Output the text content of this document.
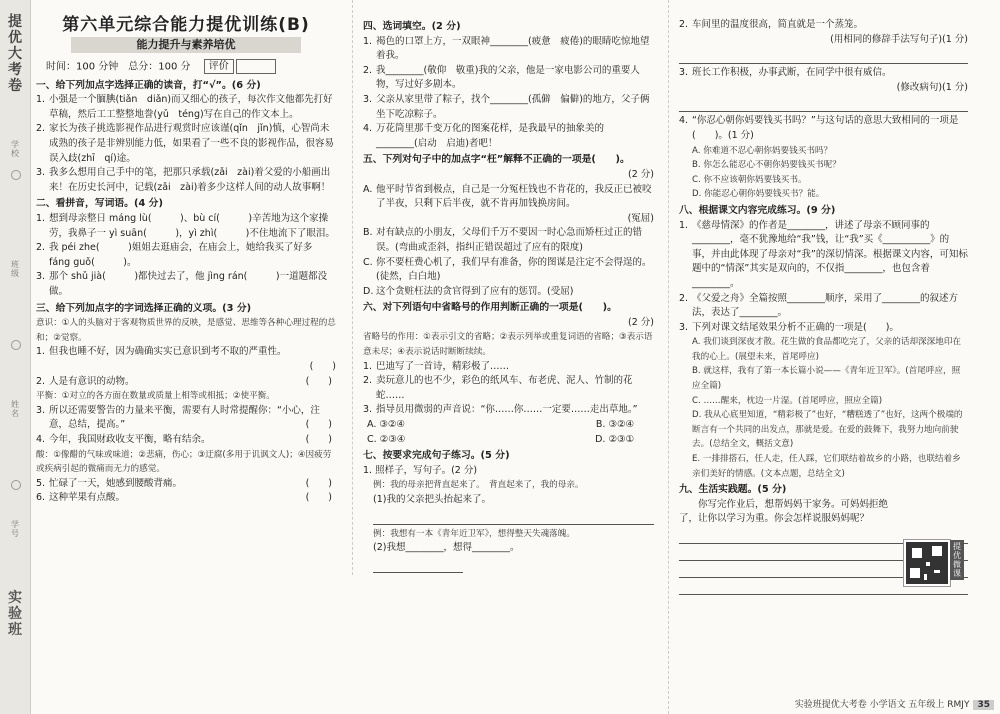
提优大考卷
学校
班级
姓名
学号
实验班
第六单元综合能力提优训练(B)
能力提升与素养培优
时间：100 分钟　总分：100 分 评价
一、给下列加点字选择正确的读音，打“√”。(6 分)
1. 小强是一个腼腆(tiǎn　diǎn)而又细心的孩子，每次作文他都先打好草稿，然后工工整整地誊(yǔ　téng)写在自己的作文本上。
2. 家长为孩子挑选影视作品进行观赏时应该谨(qǐn　jǐn)慎，心智尚未成熟的孩子是非辨别能力低，如果看了一些不良的影视作品，很容易误入歧(zhī　qí)途。
3. 我多么想用自己手中的笔，把那只承载(zǎi　zài)着父爱的小船画出来！在历史长河中，记载(zǎi　zài)着多少这样人间的动人故事啊！
二、看拼音，写词语。(4 分)
1. 想到母亲整日 máng lù(　　　)、bù cí(　　　)辛苦地为这个家操劳，我鼻子一 yì suān(　　　)，yì zhì(　　　)不住地流下了眼泪。
2. 我 péi zhe(　　　)姐姐去逛庙会，在庙会上，她给我买了好多 fáng guǒ(　　　)。
3. 那个 shǔ jià(　　　)都快过去了，他 jìng rán(　　　)一道题都没做。
三、给下列加点字的字词选择正确的义项。(3 分)
意识：①人的头脑对于客观物质世界的反映，是感觉、思维等各种心理过程的总和；②觉察。
1. 但我也睡不好，因为确确实实已意识到考不取的严重性。
(　　)
2. 人是有意识的动物。	(　　)
平衡：①对立的各方面在数量或质量上相等或相抵；②使平衡。
3. 所以还需要警告的力量来平衡，需要有人时常提醒你：“小心，注意，总结，提高。”	(　　)
4. 今年，我国财政收支平衡，略有结余。	(　　)
酸：①像醋的气味或味道；②悲痛，伤心；③迂腐(多用于讥讽文人)；④因疲劳或疾病引起的微痛而无力的感觉。
5. 忙碌了一天，她感到腰酸背痛。	(　　)
6. 这种苹果有点酸。	(　　)
四、选词填空。(2 分)
1. 褐色的口罩上方，一双眼神________(疲惫　疲倦)的眼睛吃惊地望着我。
2. 我________(敬仰　敬重)我的父亲，他是一家电影公司的重要人物，写过好多剧本。
3. 父亲从家里带了粽子，找个________(孤僻　偏僻)的地方，父子俩坐下吃凉粽子。
4. 万花筒里那千变万化的图案花样，是我最早的抽象美的________(启动　启迪)者吧！
五、下列对句子中的加点字“枉”解释不正确的一项是(　　)。
(2 分)
A. 他平时节省到极点，自己是一分冤枉钱也不肯花的，我反正已被咬了半夜，只剩下后半夜，就不肯再加钱换房间。
(冤屈)
B. 对有缺点的小朋友，父母们千万不要因一时心急而矫枉过正的错误。(弯曲或歪斜，指纠正错误超过了应有的限度)
C. 你不要枉费心机了，我们早有准备，你的图谋是注定不会得逞的。(徒然，白白地)
D. 这个贪赃枉法的贪官得到了应有的惩罚。(受屈)
六、对下列语句中省略号的作用判断正确的一项是(　　)。
(2 分)
省略号的作用：①表示引文的省略；②表示列举或重复词语的省略；③表示语意未尽；④表示说话时断断续续。
1. 巴迪写了一首诗，精彩极了……
2. 卖玩意儿的也不少，彩色的纸风车、布老虎、泥人、竹制的花蛇……
3. 指导员用微弱的声音说：“你……你……一定要……走出草地。”
A. ③②④	B. ③②④
C. ②③④	D. ②③①
七、按要求完成句子练习。(5 分)
1. 照样子，写句子。(2 分)
例：我的母亲把背直起来了。　背直起来了，我的母亲。
(1)我的父亲把头抬起来了。
例：我想有一本《青年近卫军》，想得整天失魂落魄。
(2)我想________，想得________。
2. 车间里的温度很高，简直就是一个蒸笼。
(用相同的修辞手法写句子)(1 分)
3. 班长工作积极，办事武断，在同学中很有威信。
(修改病句)(1 分)
4. “你忍心朝你妈要钱买书吗？”与这句话的意思大致相同的一项是(　　)。(1 分)
A. 你难道不忍心朝你妈要钱买书吗？
B. 你怎么能忍心不朝你妈要钱买书呢？
C. 你不应该朝你妈要钱买书。
D. 你能忍心朝你妈要钱买书？能。
八、根据课文内容完成练习。(9 分)
1. 《慈母情深》的作者是________，讲述了母亲不顾同事的________，毫不犹豫地给“我”钱，让“我”买《__________》的事，并由此体现了母亲对“我”的深切情深。根据课文内容，可知标题中的“情深”其实是双向的，不仅指________，也包含着________。
2. 《父爱之舟》全篇按照________顺序，采用了________的叙述方法，表达了________。
3. 下列对课文结尾效果分析不正确的一项是(　　)。
A. 我们谈到深夜才散。花生做的食品都吃完了，父亲的话却深深地印在我的心上。(展望未来，首尾呼应)
B. 就这样，我有了第一本长篇小说——《青年近卫军》。(首尾呼应，照应全篇)
C. ……醒来，枕边一片湿。(首尾呼应，照应全篇)
D. 我从心底里知道，“精彩极了”也好，“糟糕透了”也好，这两个极端的断言有一个共同的出发点，那就是爱。在爱的鼓舞下，我努力地向前驶去。(总结全文，概括文意)
E. 一排排搭石，任人走，任人踩，它们联结着故乡的小路，也联结着乡亲们美好的情感。(文本点题，总结全文)
九、生活实践题。(5 分)
你写完作业后，想帮妈妈干家务。可妈妈拒绝了，让你以学习为重。你会怎样说服妈妈呢？
提优微课
实验班提优大考卷 小学语文 五年级上 RMJY 35
